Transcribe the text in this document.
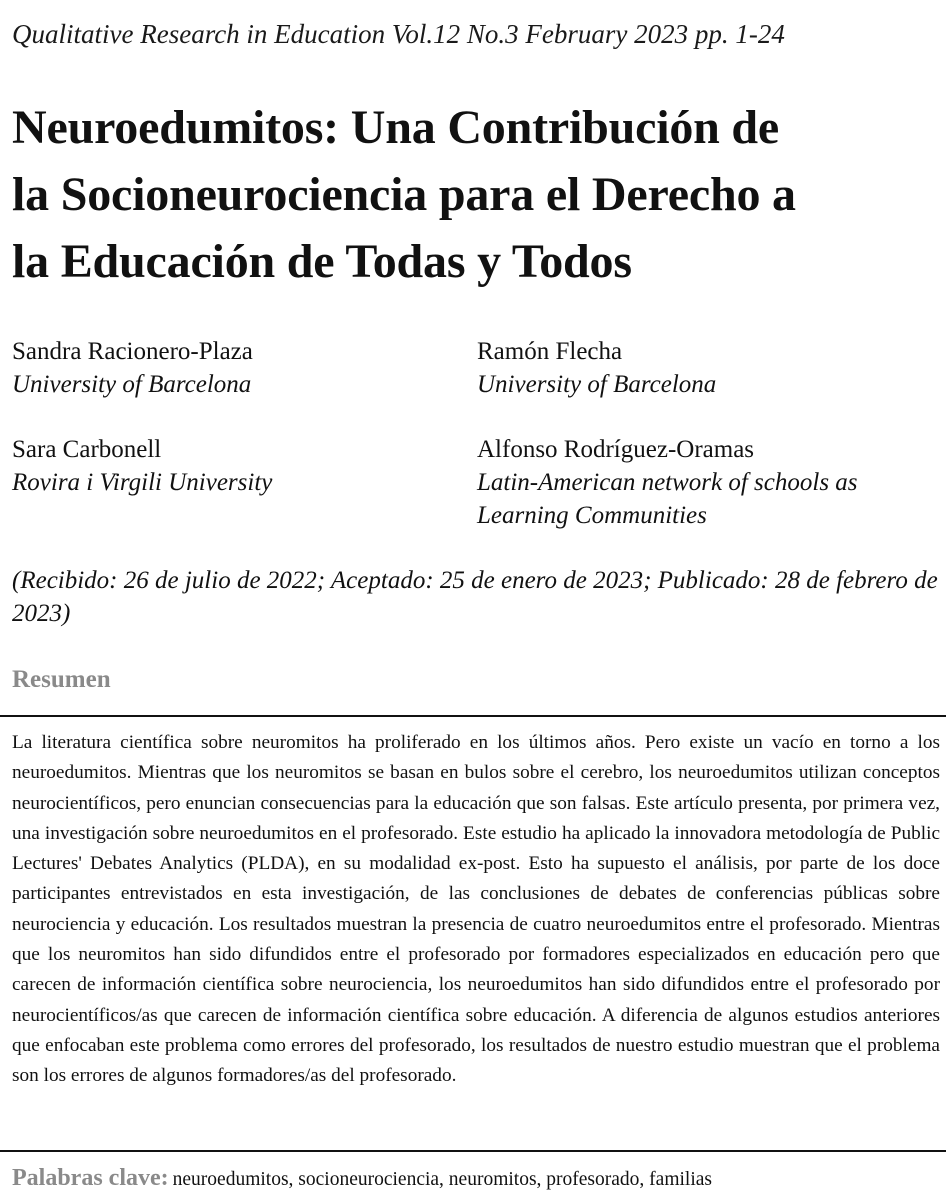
Qualitative Research in Education Vol.12 No.3 February 2023 pp. 1-24
Neuroedumitos: Una Contribución de
la Socioneurociencia para el Derecho a
la Educación de Todas y Todos
Sandra Racionero-Plaza
University of Barcelona
Ramón Flecha
University of Barcelona
Sara Carbonell
Rovira i Virgili University
Alfonso Rodríguez-Oramas
Latin-American network of schools as Learning Communities
(Recibido: 26 de julio de 2022; Aceptado: 25 de enero de 2023; Publicado: 28 de febrero de 2023)
Resumen

La literatura científica sobre neuromitos ha proliferado en los últimos años. Pero existe un vacío en torno a los neuroedumitos. Mientras que los neuromitos se basan en bulos sobre el cerebro, los neuroedumitos utilizan conceptos neurocientíficos, pero enuncian consecuencias para la educación que son falsas. Este artículo presenta, por primera vez, una investigación sobre neuroedumitos en el profesorado. Este estudio ha aplicado la innovadora metodología de Public Lectures' Debates Analytics (PLDA), en su modalidad ex-post. Esto ha supuesto el análisis, por parte de los doce participantes entrevistados en esta investigación, de las conclusiones de debates de conferencias públicas sobre neurociencia y educación. Los resultados muestran la presencia de cuatro neuroedumitos entre el profesorado. Mientras que los neuromitos han sido difundidos entre el profesorado por formadores especializados en educación pero que carecen de información científica sobre neurociencia, los neuroedumitos han sido difundidos entre el profesorado por neurocientíficos/as que carecen de información científica sobre educación. A diferencia de algunos estudios anteriores que enfocaban este problema como errores del profesorado, los resultados de nuestro estudio muestran que el problema son los errores de algunos formadores/as del profesorado.

Palabras clave: neuroedumitos, socioneurociencia, neuromitos, profesorado, familias
